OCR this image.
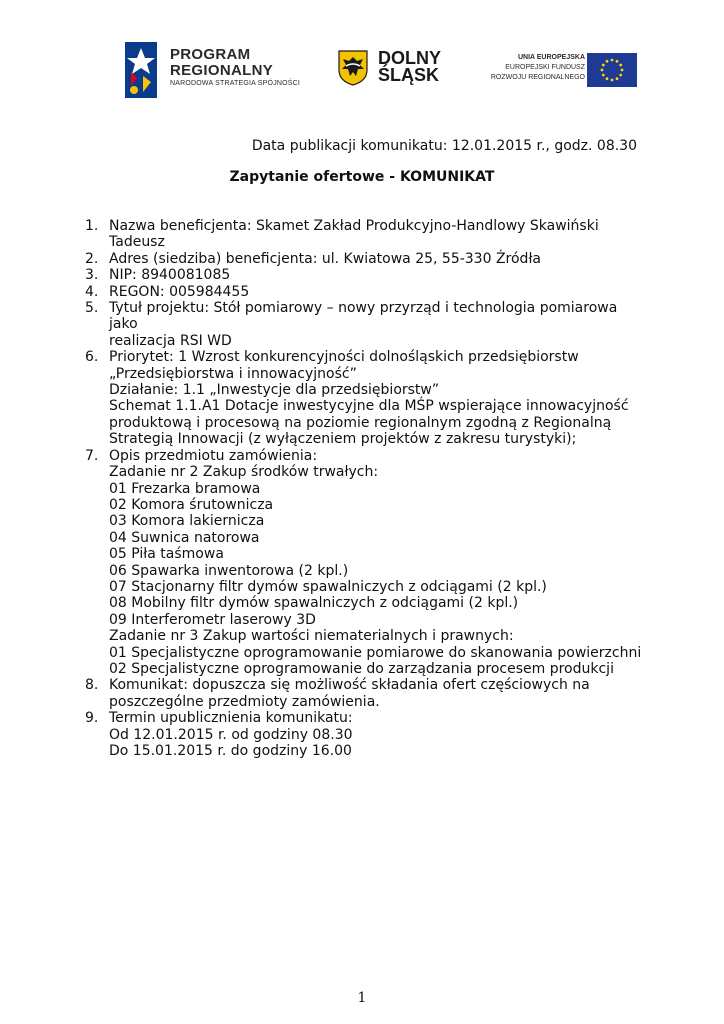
PROGRAM
REGIONALNY
NARODOWA STRATEGIA SPÓJNOŚCI
DOLNY
ŚLĄSK
UNIA EUROPEJSKA
EUROPEJSKI FUNDUSZ
ROZWOJU REGIONALNEGO
Data publikacji komunikatu: 12.01.2015 r., godz. 08.30
Zapytanie ofertowe - KOMUNIKAT
1. Nazwa beneficjenta: Skamet Zakład Produkcyjno-Handlowy Skawiński
Tadeusz
2. Adres (siedziba) beneficjenta: ul. Kwiatowa 25, 55-330 Źródła
3. NIP: 8940081085
4. REGON: 005984455
5. Tytuł projektu: Stół pomiarowy – nowy przyrząd i technologia pomiarowa jako
realizacja RSI WD
6. Priorytet: 1 Wzrost konkurencyjności dolnośląskich przedsiębiorstw
„Przedsiębiorstwa i innowacyjność”
Działanie: 1.1 „Inwestycje dla przedsiębiorstw”
Schemat 1.1.A1 Dotacje inwestycyjne dla MŚP wspierające innowacyjność
produktową i procesową na poziomie regionalnym zgodną z Regionalną
Strategią Innowacji (z wyłączeniem projektów z zakresu turystyki);
7. Opis przedmiotu zamówienia:
Zadanie nr 2 Zakup środków trwałych:
01 Frezarka bramowa
02 Komora śrutownicza
03 Komora lakiernicza
04 Suwnica natorowa
05 Piła taśmowa
06 Spawarka inwentorowa (2 kpl.)
07 Stacjonarny filtr dymów spawalniczych z odciągami (2 kpl.)
08 Mobilny filtr dymów spawalniczych z odciągami (2 kpl.)
09 Interferometr laserowy 3D
Zadanie nr 3 Zakup wartości niematerialnych i prawnych:
01 Specjalistyczne oprogramowanie pomiarowe do skanowania powierzchni
02 Specjalistyczne oprogramowanie do zarządzania procesem produkcji
8. Komunikat: dopuszcza się możliwość składania ofert częściowych na
poszczególne przedmioty zamówienia.
9. Termin upublicznienia komunikatu:
Od 12.01.2015 r. od godziny 08.30
Do 15.01.2015 r. do godziny 16.00
1
